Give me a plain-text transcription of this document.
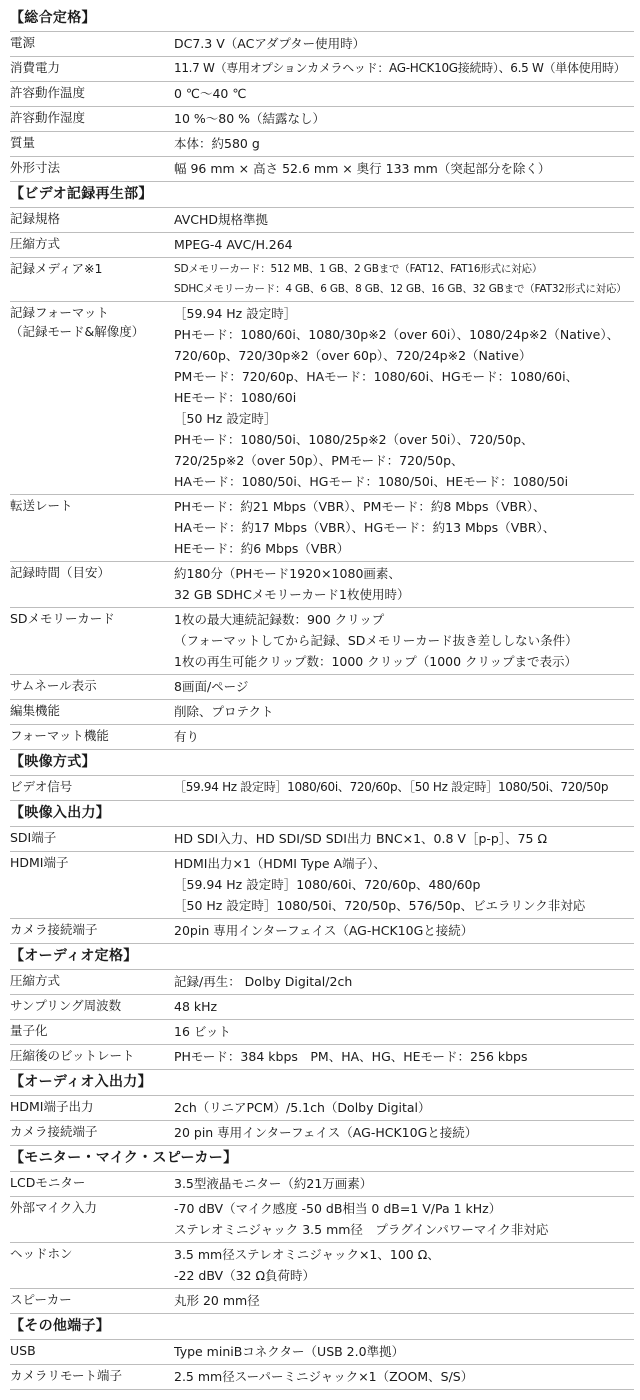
【総合定格】
電源	DC7.3 V（ACアダプター使用時）
消費電力	11.7 W（専用オプションカメラヘッド：AG-HCK10G接続時）、6.5 W（単体使用時）
許容動作温度	0 ℃〜40 ℃
許容動作湿度	10 %〜80 %（結露なし）
質量	本体：約580 g
外形寸法	幅 96 mm × 高さ 52.6 mm × 奥行 133 mm（突起部分を除く）
【ビデオ記録再生部】
記録規格	AVCHD規格準拠
圧縮方式	MPEG-4 AVC/H.264
記録メディア※1	SDメモリーカード：512 MB、1 GB、2 GBまで（FAT12、FAT16形式に対応）
SDHCメモリーカード：4 GB、6 GB、8 GB、12 GB、16 GB、32 GBまで（FAT32形式に対応）
記録フォーマット
（記録モード&解像度）
［59.94 Hz 設定時］
PHモード：1080/60i、1080/30p※2（over 60i）、1080/24p※2（Native）、
720/60p、720/30p※2（over 60p）、720/24p※2（Native）
PMモード：720/60p、HAモード：1080/60i、HGモード：1080/60i、
HEモード：1080/60i
［50 Hz 設定時］
PHモード：1080/50i、1080/25p※2（over 50i）、720/50p、
720/25p※2（over 50p）、PMモード：720/50p、
HAモード：1080/50i、HGモード：1080/50i、HEモード：1080/50i
転送レート	PHモード：約21 Mbps（VBR）、PMモード：約8 Mbps（VBR）、
HAモード：約17 Mbps（VBR）、HGモード：約13 Mbps（VBR）、
HEモード：約6 Mbps（VBR）
記録時間（目安）	約180分（PHモード1920×1080画素、
32 GB SDHCメモリーカード1枚使用時）
SDメモリーカード	1枚の最大連続記録数：900 クリップ
（フォーマットしてから記録、SDメモリーカード抜き差ししない条件）
1枚の再生可能クリップ数：1000 クリップ（1000 クリップまで表示）
サムネール表示	8画面/ページ
編集機能	削除、プロテクト
フォーマット機能	有り
【映像方式】
ビデオ信号	［59.94 Hz 設定時］1080/60i、720/60p、［50 Hz 設定時］1080/50i、720/50p
【映像入出力】
SDI端子	HD SDI入力、HD SDI/SD SDI出力 BNC×1、0.8 V［p-p］、75 Ω
HDMI端子	HDMI出力×1（HDMI Type A端子）、
［59.94 Hz 設定時］1080/60i、720/60p、480/60p
［50 Hz 設定時］1080/50i、720/50p、576/50p、ビエラリンク非対応
カメラ接続端子	20pin 専用インターフェイス（AG-HCK10Gと接続）
【オーディオ定格】
圧縮方式	記録/再生： Dolby Digital/2ch
サンプリング周波数	48 kHz
量子化	16 ビット
圧縮後のビットレート	PHモード：384 kbps　PM、HA、HG、HEモード：256 kbps
【オーディオ入出力】
HDMI端子出力	2ch（リニアPCM）/5.1ch（Dolby Digital）
カメラ接続端子	20 pin 専用インターフェイス（AG-HCK10Gと接続）
【モニター・マイク・スピーカー】
LCDモニター	3.5型液晶モニター（約21万画素）
外部マイク入力	-70 dBV（マイク感度 -50 dB相当 0 dB=1 V/Pa 1 kHz）
ステレオミニジャック 3.5 mm径　プラグインパワーマイク非対応
ヘッドホン	3.5 mm径ステレオミニジャック×1、100 Ω、
-22 dBV（32 Ω負荷時）
スピーカー	丸形 20 mm径
【その他端子】
USB	Type miniBコネクター（USB 2.0準拠）
カメラリモート端子	2.5 mm径スーパーミニジャック×1（ZOOM、S/S）
